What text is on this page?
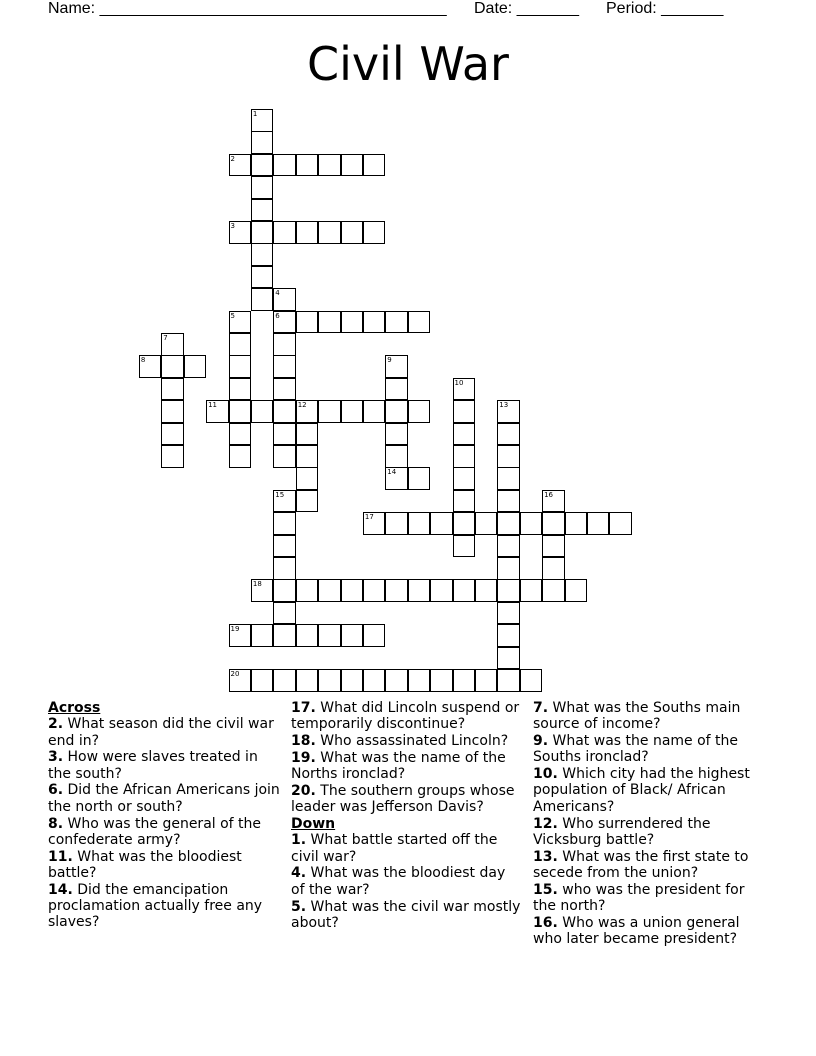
Name: _______________________________________ Date: _______ Period: _______
Civil War
1
2
3
4
5	6
7
8	9
10
11	12	13
14
15	16
17
18
19
20
Across
2. What season did the civil war end in?
3. How were slaves treated in the south?
6. Did the African Americans join the north or south?
8. Who was the general of the confederate army?
11. What was the bloodiest battle?
14. Did the emancipation proclamation actually free any slaves?
17. What did Lincoln suspend or temporarily discontinue?
18. Who assassinated Lincoln?
19. What was the name of the Norths ironclad?
20. The southern groups whose leader was Jefferson Davis?
Down
1. What battle started off the civil war?
4. What was the bloodiest day of the war?
5. What was the civil war mostly about?
7. What was the Souths main source of income?
9. What was the name of the Souths ironclad?
10. Which city had the highest population of Black/ African Americans?
12. Who surrendered the Vicksburg battle?
13. What was the first state to secede from the union?
15. who was the president for the north?
16. Who was a union general who later became president?
